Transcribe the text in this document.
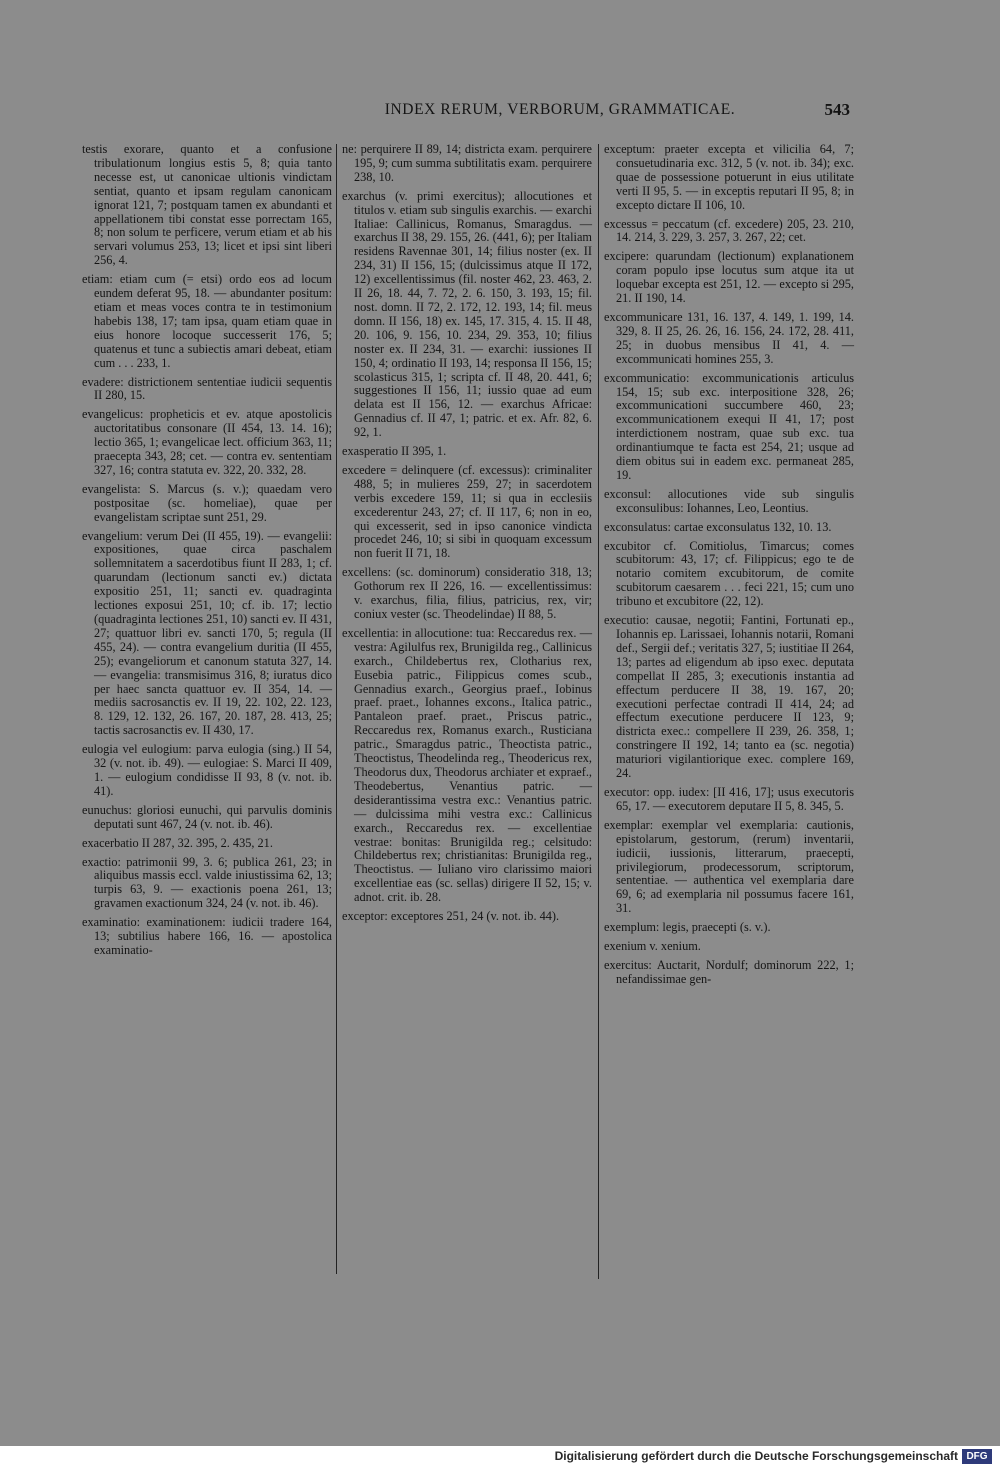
INDEX RERUM, VERBORUM, GRAMMATICAE.	543

testis exorare, quanto et a confusione tribulationum longius estis 5, 8; quia tanto necesse est, ut canonicae ultionis vindictam sentiat, quanto et ipsam regulam canonicam ignorat 121, 7; postquam tamen ex abundanti et appellationem tibi constat esse porrectam 165, 8; non solum te perficere, verum etiam et ab his servari volumus 253, 13; licet et ipsi sint liberi 256, 4.

etiam: etiam cum (= etsi) ordo eos ad locum eundem deferat 95, 18. — abundanter positum: etiam et meas voces contra te in testimonium habebis 138, 17; tam ipsa, quam etiam quae in eius honore locoque successerit 176, 5; quatenus et tunc a subiectis amari debeat, etiam cum . . . 233, 1.

evadere: districtionem sententiae iudicii sequentis II 280, 15.

evangelicus: propheticis et ev. atque apostolicis auctoritatibus consonare (II 454, 13. 14. 16); lectio 365, 1; evangelicae lect. officium 363, 11; praecepta 343, 28; cet. — contra ev. sententiam 327, 16; contra statuta ev. 322, 20. 332, 28.

evangelista: S. Marcus (s. v.); quaedam vero postpositae (sc. homeliae), quae per evangelistam scriptae sunt 251, 29.

evangelium: verum Dei (II 455, 19). — evangelii: expositiones, quae circa paschalem sollemnitatem a sacerdotibus fiunt II 283, 1; cf. quarundam (lectionum sancti ev.) dictata expositio 251, 11; sancti ev. quadraginta lectiones exposui 251, 10; cf. ib. 17; lectio (quadraginta lectiones 251, 10) sancti ev. II 431, 27; quattuor libri ev. sancti 170, 5; regula (II 455, 24). — contra evangelium duritia (II 455, 25); evangeliorum et canonum statuta 327, 14. — evangelia: transmisimus 316, 8; iuratus dico per haec sancta quattuor ev. II 354, 14. — mediis sacrosanctis ev. II 19, 22. 102, 22. 123, 8. 129, 12. 132, 26. 167, 20. 187, 28. 413, 25; tactis sacrosanctis ev. II 430, 17.

eulogia vel eulogium: parva eulogia (sing.) II 54, 32 (v. not. ib. 49). — eulogiae: S. Marci II 409, 1. — eulogium condidisse II 93, 8 (v. not. ib. 41).

eunuchus: gloriosi eunuchi, qui parvulis dominis deputati sunt 467, 24 (v. not. ib. 46).

exacerbatio II 287, 32. 395, 2. 435, 21.

exactio: patrimonii 99, 3. 6; publica 261, 23; in aliquibus massis eccl. valde iniustissima 62, 13; turpis 63, 9. — exactionis poena 261, 13; gravamen exactionum 324, 24 (v. not. ib. 46).

examinatio: examinationem: iudicii tradere 164, 13; subtilius habere 166, 16. — apostolica examinatio-

ne: perquirere II 89, 14; districta exam. perquirere 195, 9; cum summa subtilitatis exam. perquirere 238, 10.

exarchus (v. primi exercitus); allocutiones et titulos v. etiam sub singulis exarchis. — exarchi Italiae: Callinicus, Romanus, Smaragdus. — exarchus II 38, 29. 155, 26. (441, 6); per Italiam residens Ravennae 301, 14; filius noster (ex. II 234, 31) II 156, 15; (dulcissimus atque II 172, 12) excellentissimus (fil. noster 462, 23. 463, 2. II 26, 18. 44, 7. 72, 2. 6. 150, 3. 193, 15; fil. nost. domn. II 72, 2. 172, 12. 193, 14; fil. meus domn. II 156, 18) ex. 145, 17. 315, 4. 15. II 48, 20. 106, 9. 156, 10. 234, 29. 353, 10; filius noster ex. II 234, 31. — exarchi: iussiones II 150, 4; ordinatio II 193, 14; responsa II 156, 15; scolasticus 315, 1; scripta cf. II 48, 20. 441, 6; suggestiones II 156, 11; iussio quae ad eum delata est II 156, 12. — exarchus Africae: Gennadius cf. II 47, 1; patric. et ex. Afr. 82, 6. 92, 1.

exasperatio II 395, 1.

excedere = delinquere (cf. excessus): criminaliter 488, 5; in mulieres 259, 27; in sacerdotem verbis excedere 159, 11; si qua in ecclesiis excederentur 243, 27; cf. II 117, 6; non in eo, qui excesserit, sed in ipso canonice vindicta procedet 246, 10; si sibi in quoquam excessum non fuerit II 71, 18.

excellens: (sc. dominorum) consideratio 318, 13; Gothorum rex II 226, 16. — excellentissimus: v. exarchus, filia, filius, patricius, rex, vir; coniux vester (sc. Theodelindae) II 88, 5.

excellentia: in allocutione: tua: Reccaredus rex. — vestra: Agilulfus rex, Brunigilda reg., Callinicus exarch., Childebertus rex, Clotharius rex, Eusebia patric., Filippicus comes scub., Gennadius exarch., Georgius praef., Iobinus praef. praet., Iohannes excons., Italica patric., Pantaleon praef. praet., Priscus patric., Reccaredus rex, Romanus exarch., Rusticiana patric., Smaragdus patric., Theoctista patric., Theoctistus, Theodelinda reg., Theodericus rex, Theodorus dux, Theodorus archiater et expraef., Theodebertus, Venantius patric. — desiderantissima vestra exc.: Venantius patric. — dulcissima mihi vestra exc.: Callinicus exarch., Reccaredus rex. — excellentiae vestrae: bonitas: Brunigilda reg.; celsitudo: Childebertus rex; christianitas: Brunigilda reg., Theoctistus. — Iuliano viro clarissimo maiori excellentiae eas (sc. sellas) dirigere II 52, 15; v. adnot. crit. ib. 28.

exceptor: exceptores 251, 24 (v. not. ib. 44).

exceptum: praeter excepta et vilicilia 64, 7; consuetudinaria exc. 312, 5 (v. not. ib. 34); exc. quae de possessione potuerunt in eius utilitate verti II 95, 5. — in exceptis reputari II 95, 8; in excepto dictare II 106, 10.

excessus = peccatum (cf. excedere) 205, 23. 210, 14. 214, 3. 229, 3. 257, 3. 267, 22; cet.

excipere: quarundam (lectionum) explanationem coram populo ipse locutus sum atque ita ut loquebar excepta est 251, 12. — excepto si 295, 21. II 190, 14.

excommunicare 131, 16. 137, 4. 149, 1. 199, 14. 329, 8. II 25, 26. 26, 16. 156, 24. 172, 28. 411, 25; in duobus mensibus II 41, 4. — excommunicati homines 255, 3.

excommunicatio: excommunicationis articulus 154, 15; sub exc. interpositione 328, 26; excommunicationi succumbere 460, 23; excommunicationem exequi II 41, 17; post interdictionem nostram, quae sub exc. tua ordinantiumque te facta est 254, 21; usque ad diem obitus sui in eadem exc. permaneat 285, 19.

exconsul: allocutiones vide sub singulis exconsulibus: Iohannes, Leo, Leontius.

exconsulatus: cartae exconsulatus 132, 10. 13.

excubitor cf. Comitiolus, Timarcus; comes scubitorum: 43, 17; cf. Filippicus; ego te de notario comitem excubitorum, de comite scubitorum caesarem . . . feci 221, 15; cum uno tribuno et excubitore (22, 12).

executio: causae, negotii; Fantini, Fortunati ep., Iohannis ep. Larissaei, Iohannis notarii, Romani def., Sergii def.; veritatis 327, 5; iustitiae II 264, 13; partes ad eligendum ab ipso exec. deputata compellat II 285, 3; executionis instantia ad effectum perducere II 38, 19. 167, 20; executioni perfectae contradi II 414, 24; ad effectum executione perducere II 123, 9; districta exec.: compellere II 239, 26. 358, 1; constringere II 192, 14; tanto ea (sc. negotia) maturiori vigilantiorique exec. complere 169, 24.

executor: opp. iudex: [II 416, 17]; usus executoris 65, 17. — executorem deputare II 5, 8. 345, 5.

exemplar: exemplar vel exemplaria: cautionis, epistolarum, gestorum, (rerum) inventarii, iudicii, iussionis, litterarum, praecepti, privilegiorum, prodecessorum, scriptorum, sententiae. — authentica vel exemplaria dare 69, 6; ad exemplaria nil possumus facere 161, 31.

exemplum: legis, praecepti (s. v.).

exenium v. xenium.

exercitus: Auctarit, Nordulf; dominorum 222, 1; nefandissimae gen-

Digitalisierung gefördert durch die Deutsche Forschungsgemeinschaft DFG
